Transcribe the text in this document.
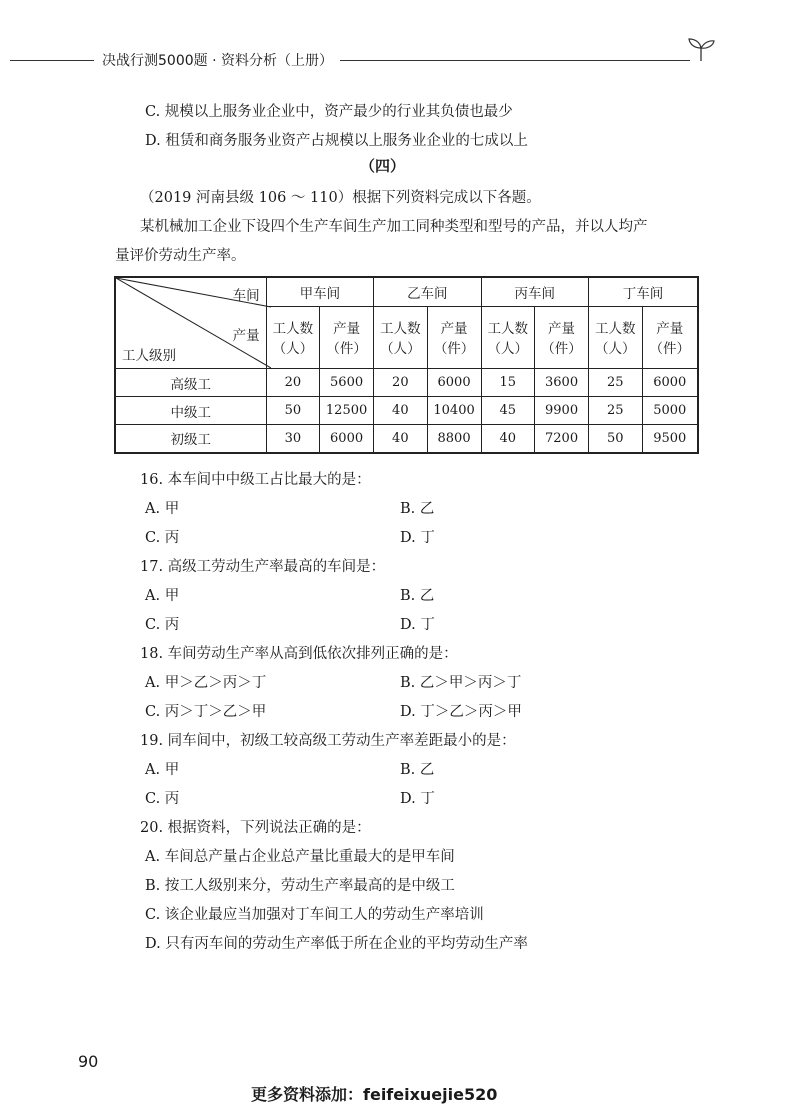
决战行测5000题 · 资料分析（上册）
C. 规模以上服务业企业中，资产最少的行业其负债也最少
D. 租赁和商务服务业资产占规模以上服务业企业的七成以上
（四）
（2019 河南县级 106 ～ 110）根据下列资料完成以下各题。
某机械加工企业下设四个生产车间生产加工同种类型和型号的产品，并以人均产
量评价劳动生产率。
车间
产量
工人级别	甲车间		乙车间		丙车间		丁车间	
	工人数（人）	产量（件）	工人数（人）	产量（件）	工人数（人）	产量（件）	工人数（人）	产量（件）
高级工	20	5600	20	6000	15	3600	25	6000
中级工	50	12500	40	10400	45	9900	25	5000
初级工	30	6000	40	8800	40	7200	50	9500
16. 本车间中中级工占比最大的是：
A. 甲	B. 乙
C. 丙	D. 丁
17. 高级工劳动生产率最高的车间是：
A. 甲	B. 乙
C. 丙	D. 丁
18. 车间劳动生产率从高到低依次排列正确的是：
A. 甲＞乙＞丙＞丁	B. 乙＞甲＞丙＞丁
C. 丙＞丁＞乙＞甲	D. 丁＞乙＞丙＞甲
19. 同车间中，初级工较高级工劳动生产率差距最小的是：
A. 甲	B. 乙
C. 丙	D. 丁
20. 根据资料，下列说法正确的是：
A. 车间总产量占企业总产量比重最大的是甲车间
B. 按工人级别来分，劳动生产率最高的是中级工
C. 该企业最应当加强对丁车间工人的劳动生产率培训
D. 只有丙车间的劳动生产率低于所在企业的平均劳动生产率
90
更多资料添加：feifeixuejie520
